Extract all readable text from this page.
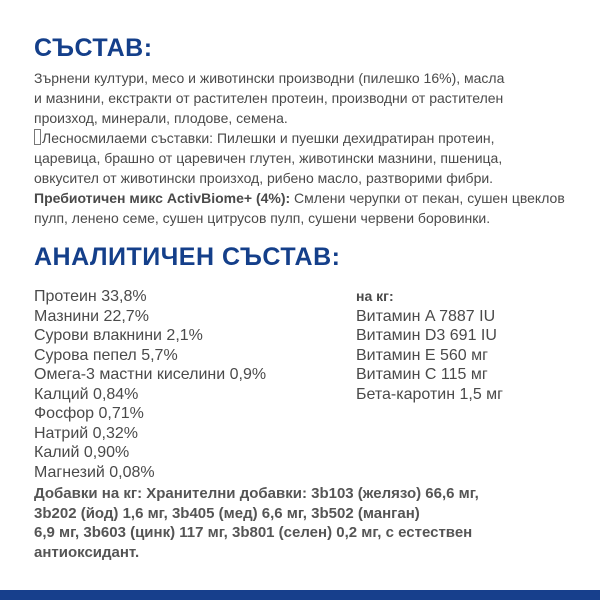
СЪСТАВ:
Зърнени култури, месо и животински производни (пилешко 16%), масла
и мазнини, екстракти от растителен протеин, производни от растителен
произход, минерали, плодове, семена.
Лесносмилаеми съставки: Пилешки и пуешки дехидратиран протеин,
царевица, брашно от царевичен глутен, животински мазнини, пшеница,
овкусител от животински произход, рибено масло, разтворими фибри.
Пребиотичен микс ActivBiome+ (4%): Смлени черупки от пекан, сушен цвеклов
пулп, ленено семе, сушен цитрусов пулп, сушени червени боровинки.
АНАЛИТИЧЕН СЪСТАВ:
Протеин 33,8%
Мазнини 22,7%
Сурови влакнини 2,1%
Сурова пепел 5,7%
Омега-3 мастни киселини 0,9%
Калций 0,84%
Фосфор 0,71%
Натрий 0,32%
Калий 0,90%
Магнезий 0,08%
на кг:
Витамин A 7887 IU
Витамин D3 691 IU
Витамин E 560 мг
Витамин C 115 мг
Бета-каротин 1,5 мг
Добавки на кг: Хранителни добавки: 3b103 (желязо) 66,6 мг,
3b202 (йод) 1,6 мг, 3b405 (мед) 6,6 мг, 3b502 (манган)
6,9 мг, 3b603 (цинк) 117 мг, 3b801 (селен) 0,2 мг, с естествен
антиоксидант.
